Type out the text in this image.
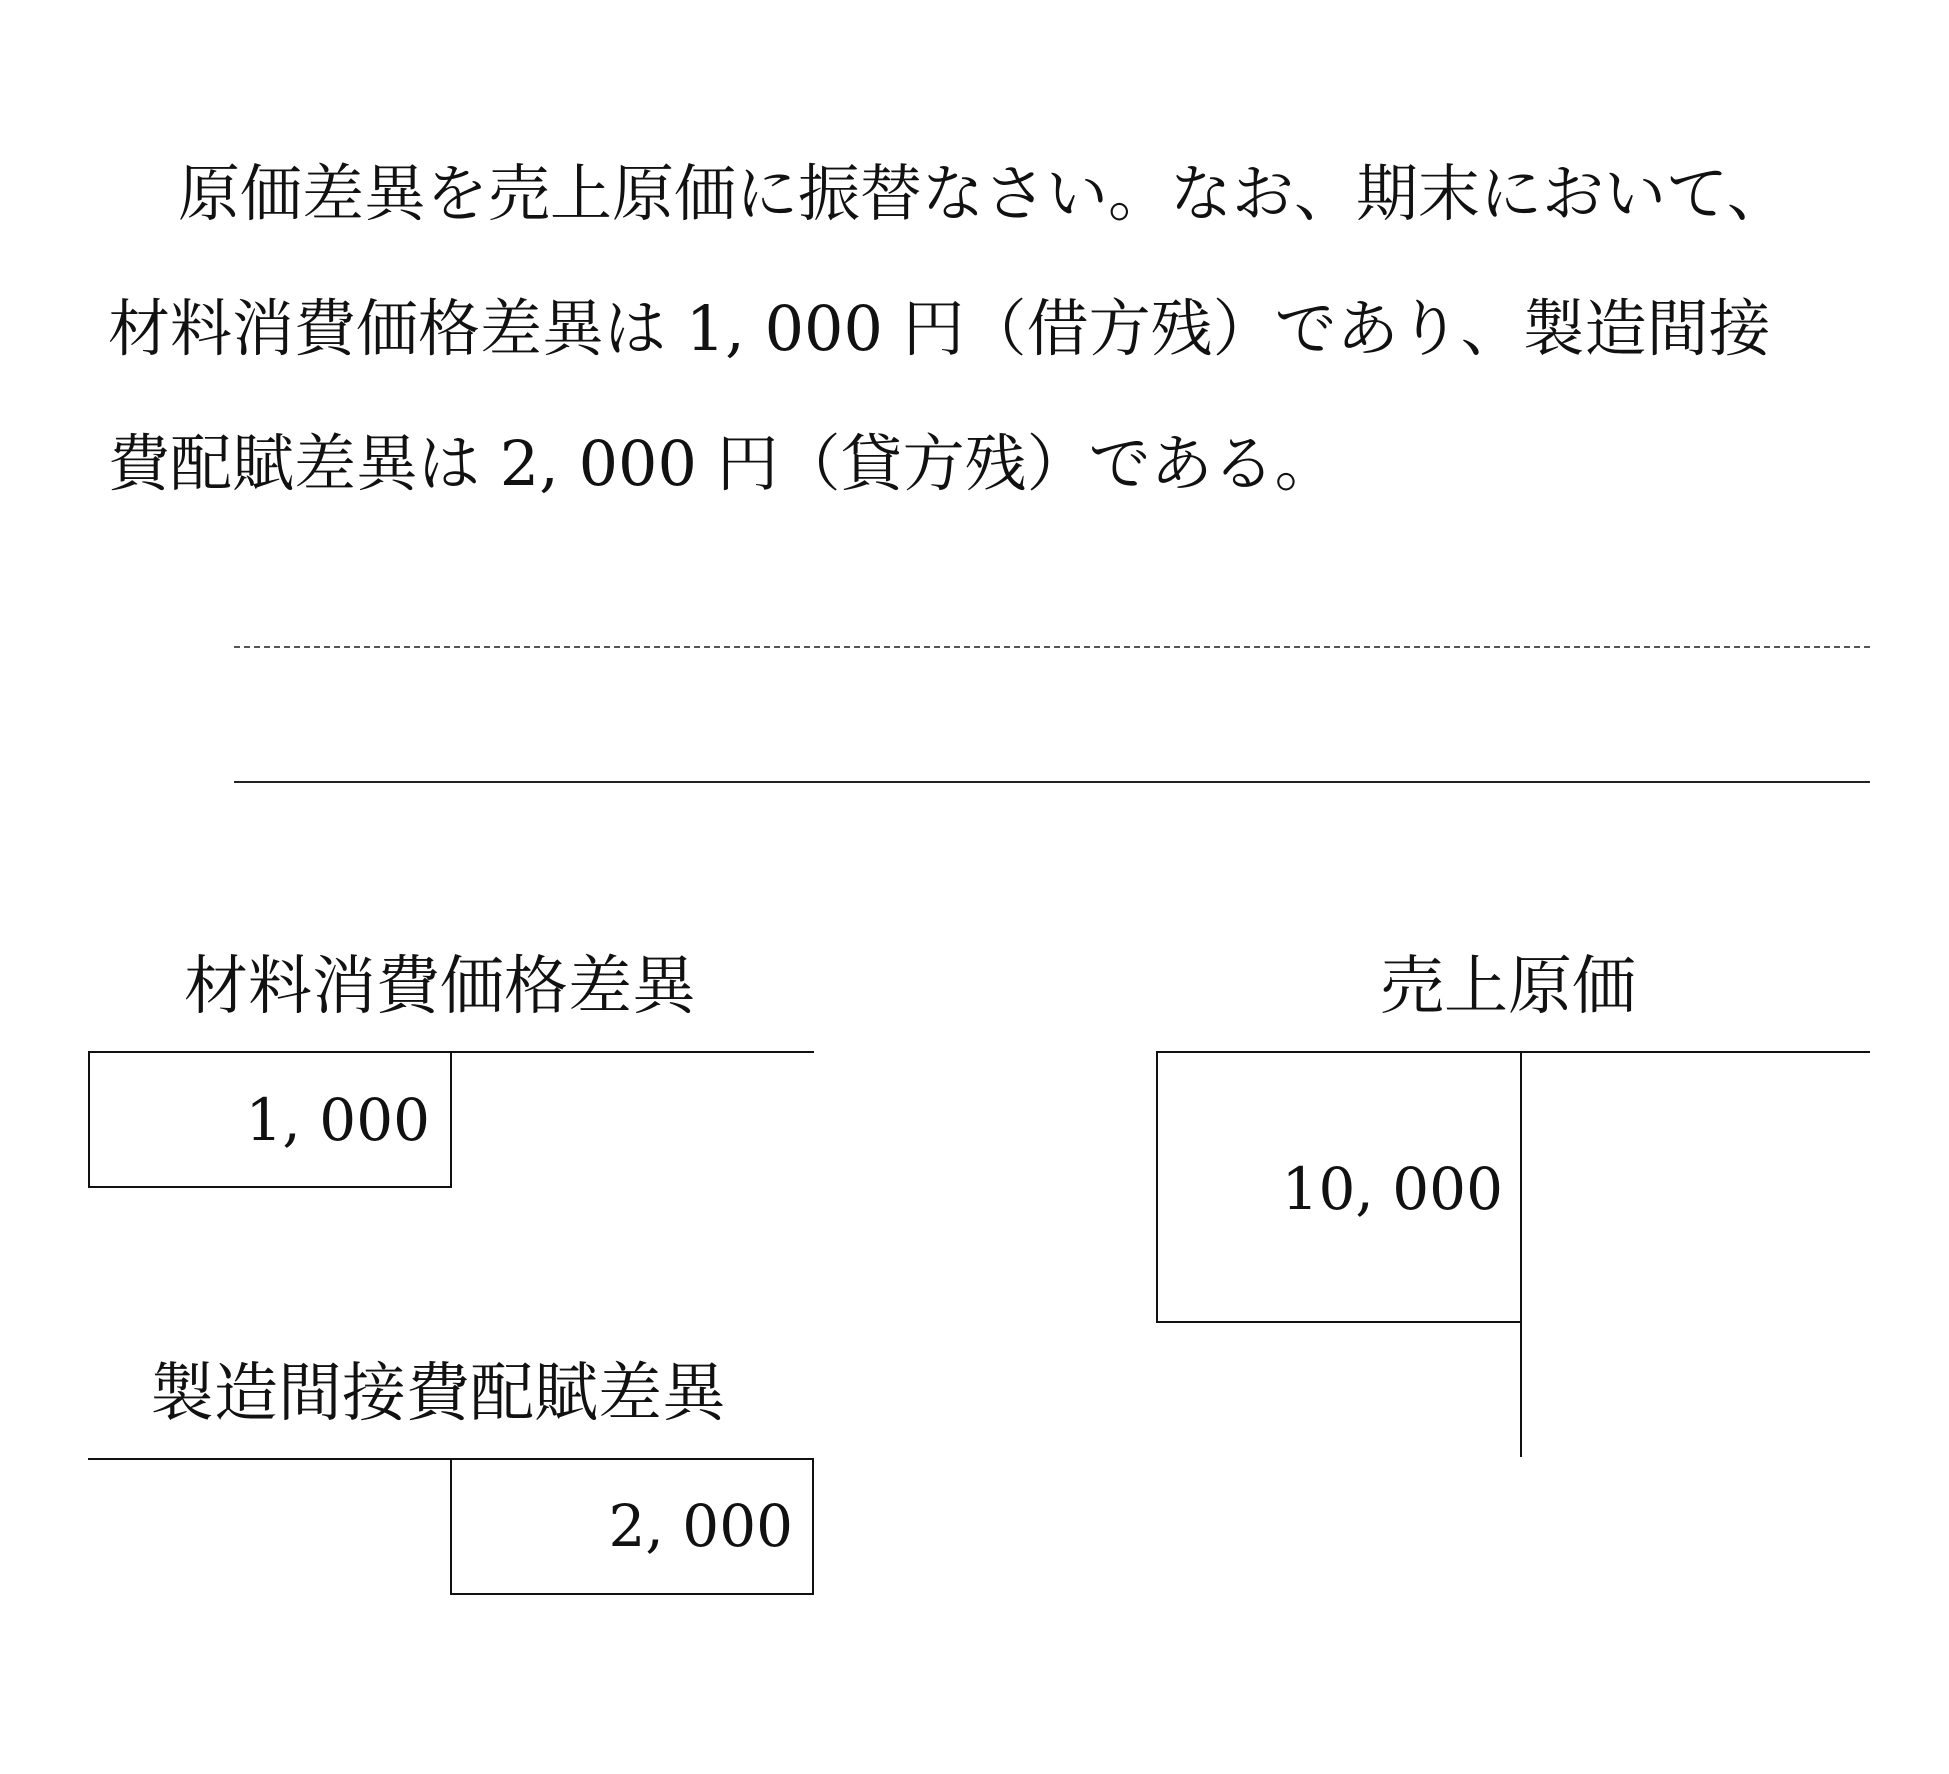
原価差異を売上原価に振替なさい。なお、期末において、
材料消費価格差異は 1, 000 円（借方残）であり、製造間接
費配賦差異は 2, 000 円（貸方残）である。
材料消費価格差異
1, 000
製造間接費配賦差異
2, 000
売上原価
10, 000
